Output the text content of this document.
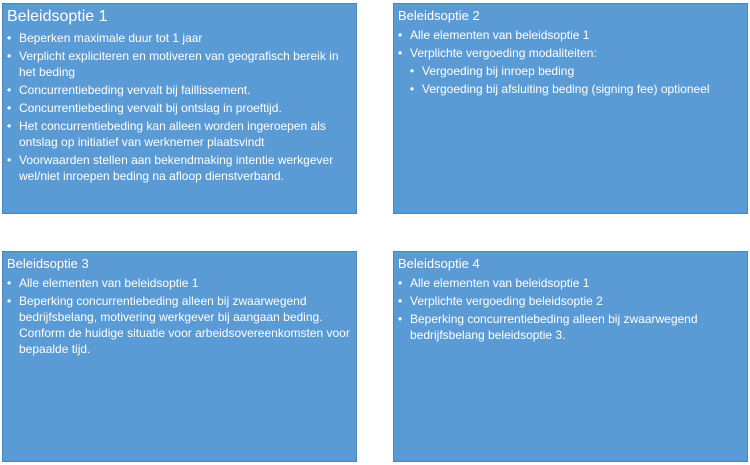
Beleidsoptie 1
• Beperken maximale duur tot 1 jaar
• Verplicht expliciteren en motiveren van geografisch bereik in het beding
• Concurrentiebeding vervalt bij faillissement.
• Concurrentiebeding vervalt bij ontslag in proeftijd.
• Het concurrentiebeding kan alleen worden ingeroepen als ontslag op initiatief van werknemer plaatsvindt
• Voorwaarden stellen aan bekendmaking intentie werkgever wel/niet inroepen beding na afloop dienstverband.
Beleidsoptie 2
• Alle elementen van beleidsoptie 1
• Verplichte vergoeding modaliteiten:
• Vergoeding bij inroep beding
• Vergoeding bij afsluiting beding (signing fee) optioneel
Beleidsoptie 3
• Alle elementen van beleidsoptie 1
• Beperking concurrentiebeding alleen bij zwaarwegend bedrijfsbelang, motivering werkgever bij aangaan beding. Conform de huidige situatie voor arbeidsovereenkomsten voor bepaalde tijd.
Beleidsoptie 4
• Alle elementen van beleidsoptie 1
• Verplichte vergoeding beleidsoptie 2
• Beperking concurrentiebeding alleen bij zwaarwegend bedrijfsbelang beleidsoptie 3.
